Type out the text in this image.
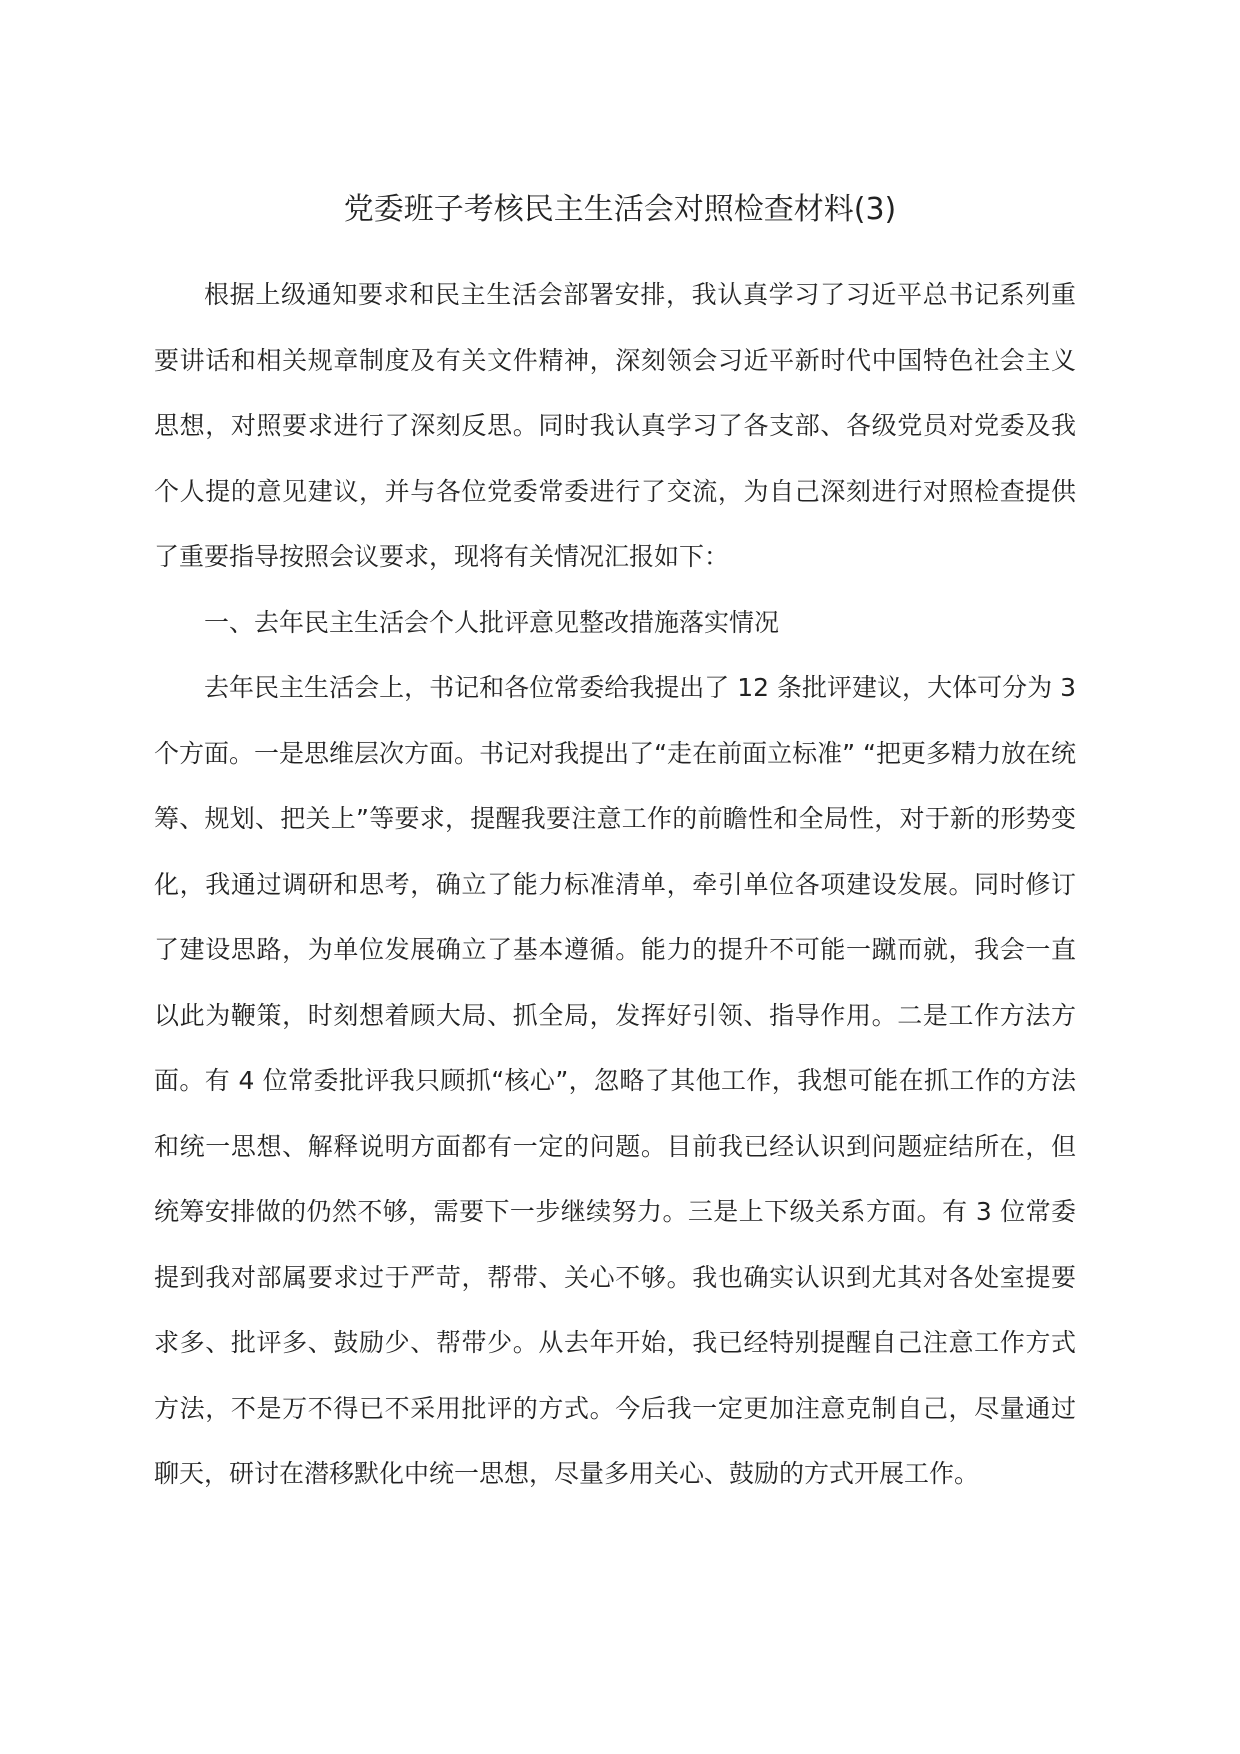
党委班子考核民主生活会对照检查材料(3)

根据上级通知要求和民主生活会部署安排，我认真学习了习近平总书记系列重要讲话和相关规章制度及有关文件精神，深刻领会习近平新时代中国特色社会主义思想，对照要求进行了深刻反思。同时我认真学习了各支部、各级党员对党委及我个人提的意见建议，并与各位党委常委进行了交流，为自己深刻进行对照检查提供了重要指导按照会议要求，现将有关情况汇报如下：

一、去年民主生活会个人批评意见整改措施落实情况

去年民主生活会上，书记和各位常委给我提出了 12 条批评建议，大体可分为 3 个方面。一是思维层次方面。书记对我提出了“走在前面立标准” “把更多精力放在统筹、规划、把关上”等要求，提醒我要注意工作的前瞻性和全局性，对于新的形势变化，我通过调研和思考，确立了能力标准清单，牵引单位各项建设发展。同时修订了建设思路，为单位发展确立了基本遵循。能力的提升不可能一蹴而就，我会一直以此为鞭策，时刻想着顾大局、抓全局，发挥好引领、指导作用。二是工作方法方面。有 4 位常委批评我只顾抓“核心”，忽略了其他工作，我想可能在抓工作的方法和统一思想、解释说明方面都有一定的问题。目前我已经认识到问题症结所在，但统筹安排做的仍然不够，需要下一步继续努力。三是上下级关系方面。有 3 位常委提到我对部属要求过于严苛，帮带、关心不够。我也确实认识到尤其对各处室提要求多、批评多、鼓励少、帮带少。从去年开始，我已经特别提醒自己注意工作方式方法，不是万不得已不采用批评的方式。今后我一定更加注意克制自己，尽量通过聊天，研讨在潜移默化中统一思想，尽量多用关心、鼓励的方式开展工作。
